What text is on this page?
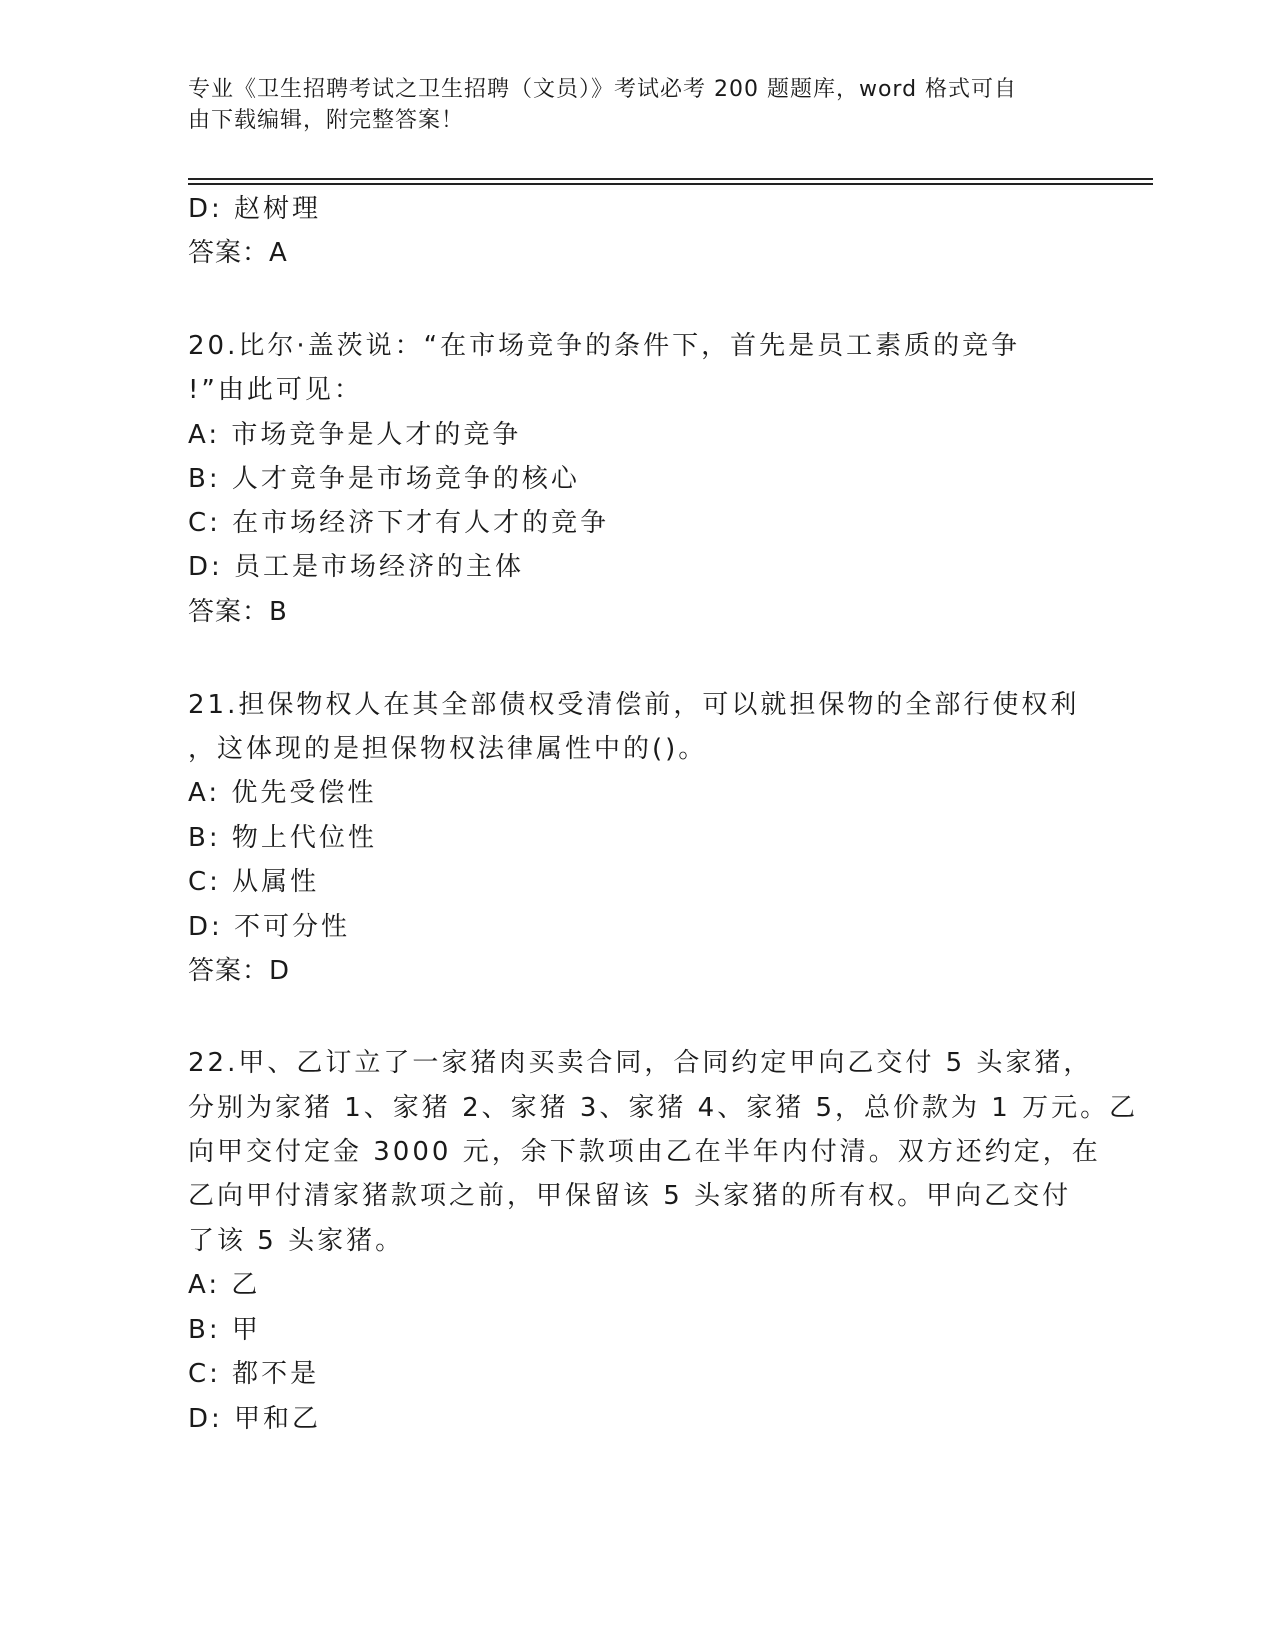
专业《卫生招聘考试之卫生招聘（文员）》考试必考 200 题题库，word 格式可自
由下载编辑，附完整答案！
D: 赵树理
答案：A
20.比尔·盖茨说：“在市场竞争的条件下，首先是员工素质的竞争
!”由此可见：
A: 市场竞争是人才的竞争
B: 人才竞争是市场竞争的核心
C: 在市场经济下才有人才的竞争
D: 员工是市场经济的主体
答案：B
21.担保物权人在其全部债权受清偿前，可以就担保物的全部行使权利
，这体现的是担保物权法律属性中的()。
A: 优先受偿性
B: 物上代位性
C: 从属性
D: 不可分性
答案：D
22.甲、乙订立了一家猪肉买卖合同，合同约定甲向乙交付 5 头家猪，
分别为家猪 1、家猪 2、家猪 3、家猪 4、家猪 5，总价款为 1 万元。乙
向甲交付定金 3000 元，余下款项由乙在半年内付清。双方还约定，在
乙向甲付清家猪款项之前，甲保留该 5 头家猪的所有权。甲向乙交付
了该 5 头家猪。
A: 乙
B: 甲
C: 都不是
D: 甲和乙
